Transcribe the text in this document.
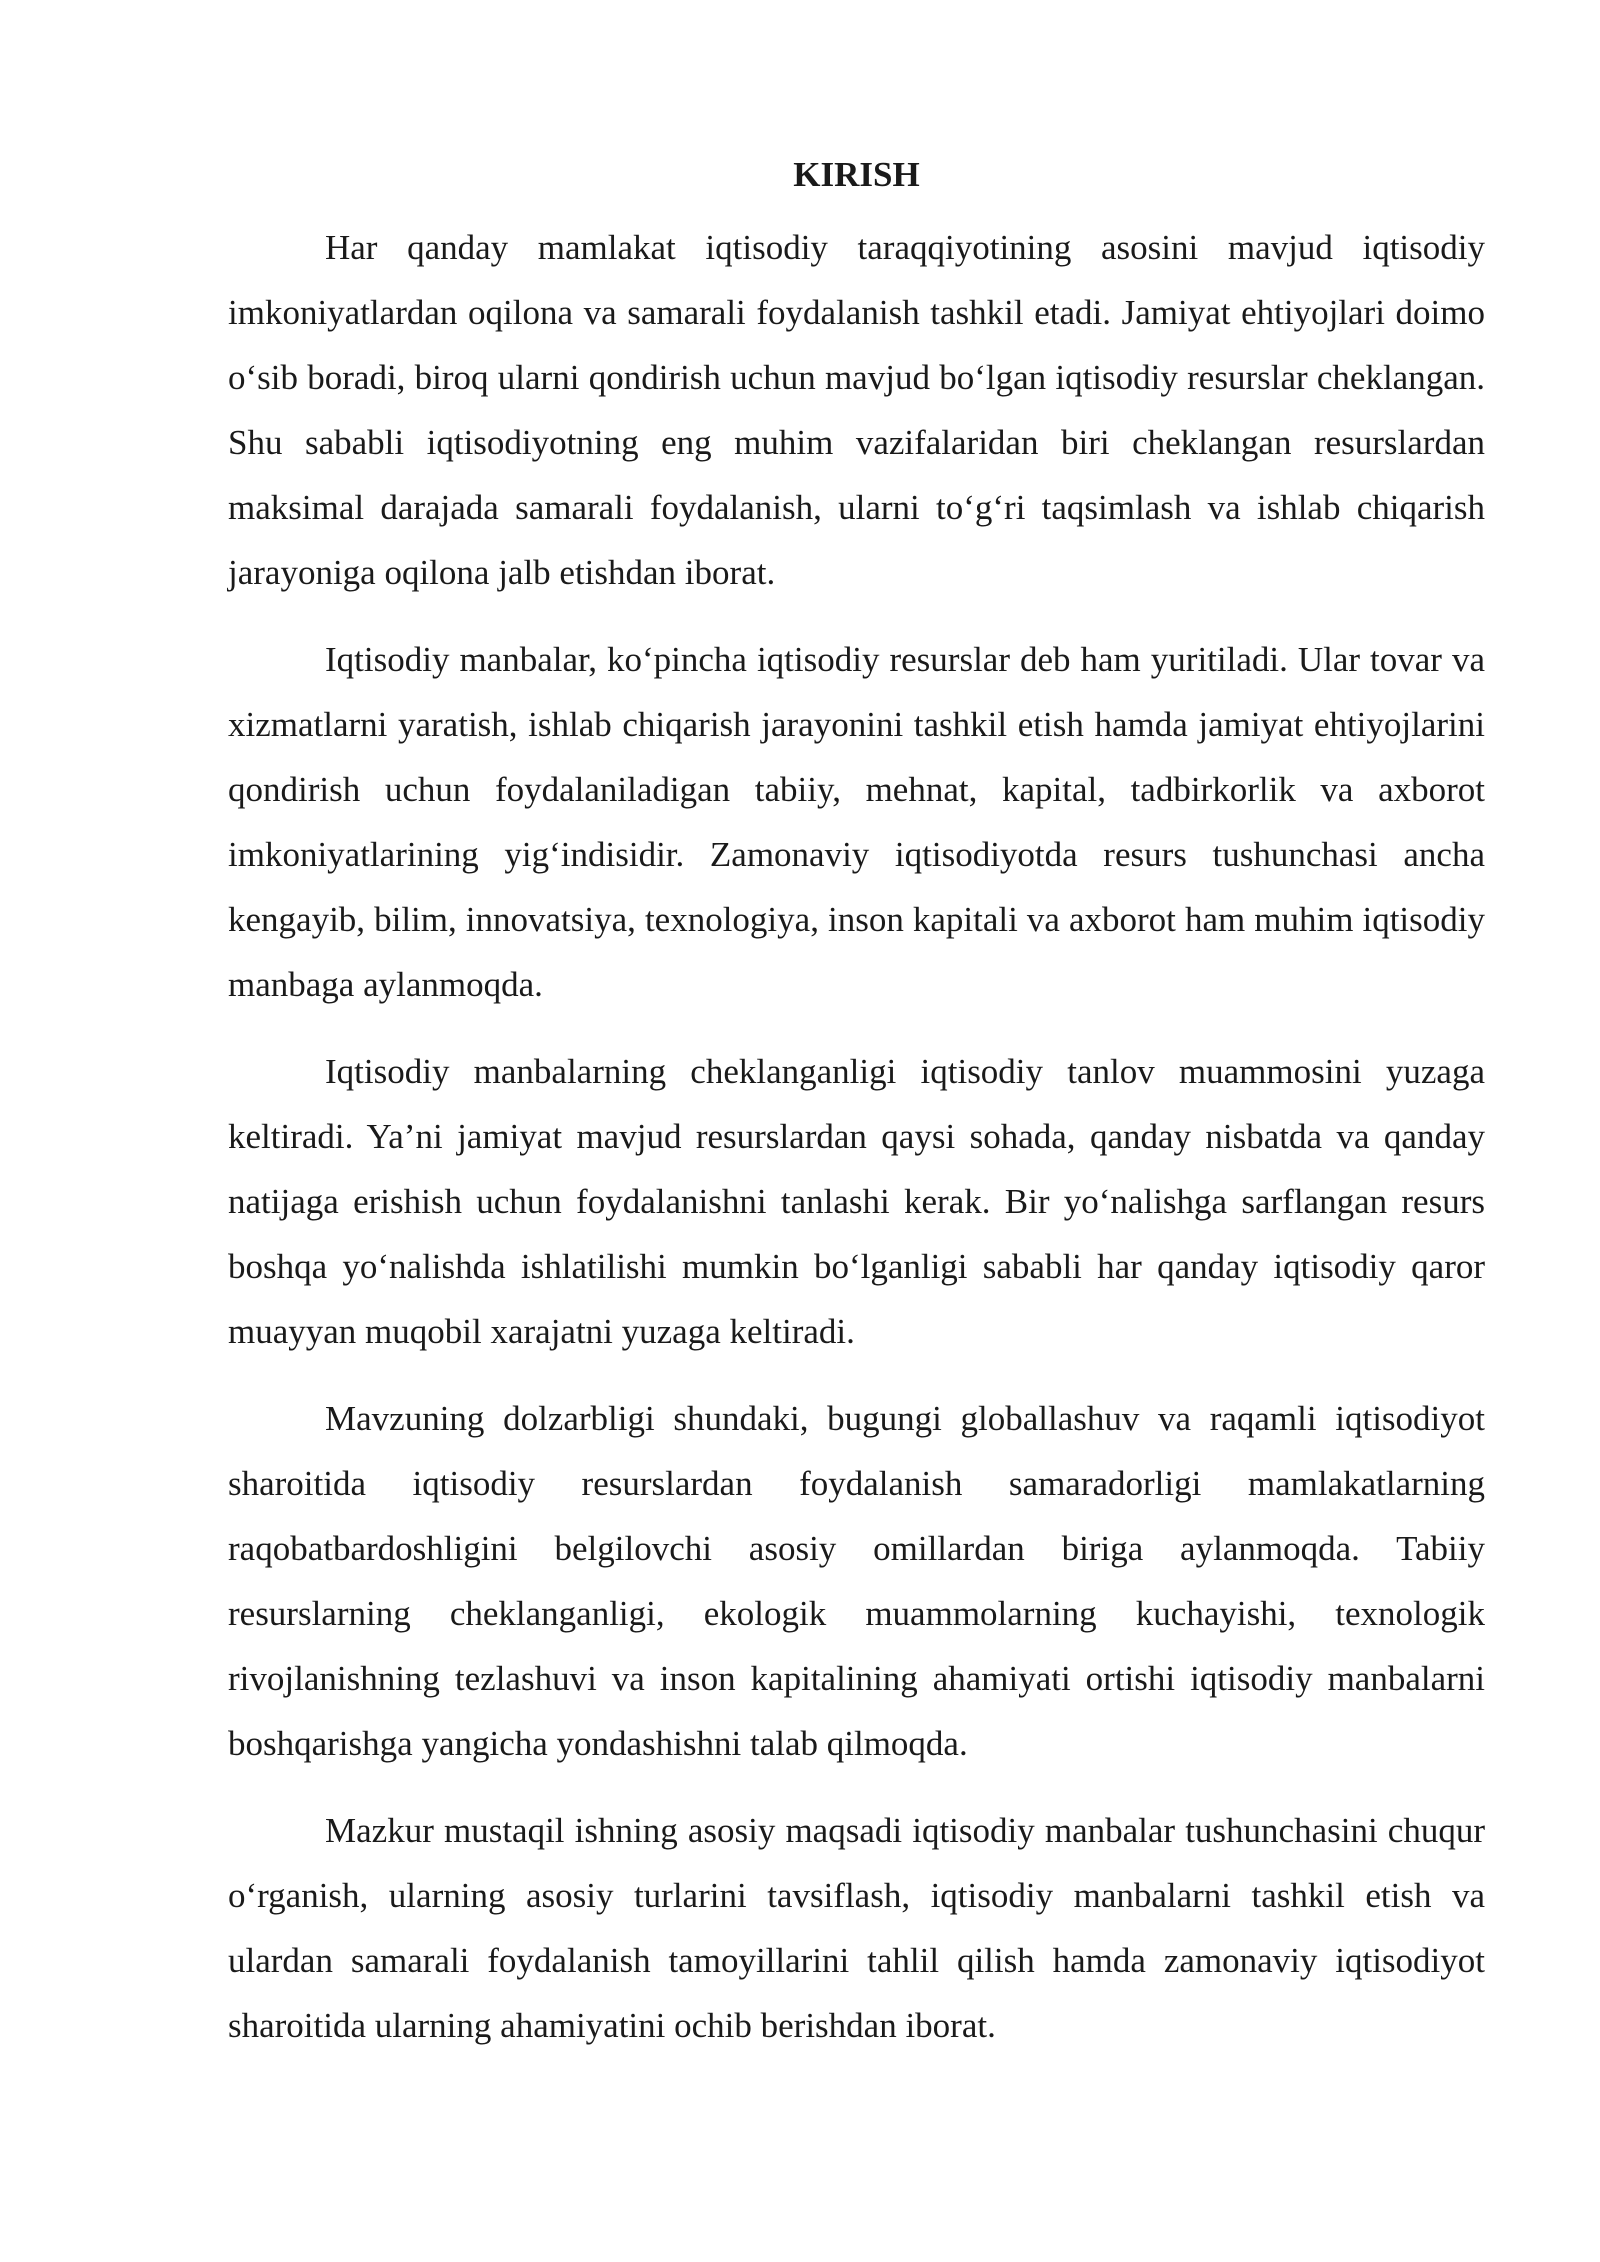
KIRISH

Har qanday mamlakat iqtisodiy taraqqiyotining asosini mavjud iqtisodiy imkoniyatlardan oqilona va samarali foydalanish tashkil etadi. Jamiyat ehtiyojlari doimo o‘sib boradi, biroq ularni qondirish uchun mavjud bo‘lgan iqtisodiy resurslar cheklangan. Shu sababli iqtisodiyotning eng muhim vazifalaridan biri cheklangan resurslardan maksimal darajada samarali foydalanish, ularni to‘g‘ri taqsimlash va ishlab chiqarish jarayoniga oqilona jalb etishdan iborat.

Iqtisodiy manbalar, ko‘pincha iqtisodiy resurslar deb ham yuritiladi. Ular tovar va xizmatlarni yaratish, ishlab chiqarish jarayonini tashkil etish hamda jamiyat ehtiyojlarini qondirish uchun foydalaniladigan tabiiy, mehnat, kapital, tadbirkorlik va axborot imkoniyatlarining yig‘indisidir. Zamonaviy iqtisodiyotda resurs tushunchasi ancha kengayib, bilim, innovatsiya, texnologiya, inson kapitali va axborot ham muhim iqtisodiy manbaga aylanmoqda.

Iqtisodiy manbalarning cheklanganligi iqtisodiy tanlov muammosini yuzaga keltiradi. Ya’ni jamiyat mavjud resurslardan qaysi sohada, qanday nisbatda va qanday natijaga erishish uchun foydalanishni tanlashi kerak. Bir yo‘nalishga sarflangan resurs boshqa yo‘nalishda ishlatilishi mumkin bo‘lganligi sababli har qanday iqtisodiy qaror muayyan muqobil xarajatni yuzaga keltiradi.

Mavzuning dolzarbligi shundaki, bugungi globallashuv va raqamli iqtisodiyot sharoitida iqtisodiy resurslardan foydalanish samaradorligi mamlakatlarning raqobatbardoshligini belgilovchi asosiy omillardan biriga aylanmoqda. Tabiiy resurslarning cheklanganligi, ekologik muammolarning kuchayishi, texnologik rivojlanishning tezlashuvi va inson kapitalining ahamiyati ortishi iqtisodiy manbalarni boshqarishga yangicha yondashishni talab qilmoqda.

Mazkur mustaqil ishning asosiy maqsadi iqtisodiy manbalar tushunchasini chuqur o‘rganish, ularning asosiy turlarini tavsiflash, iqtisodiy manbalarni tashkil etish va ulardan samarali foydalanish tamoyillarini tahlil qilish hamda zamonaviy iqtisodiyot sharoitida ularning ahamiyatini ochib berishdan iborat.
